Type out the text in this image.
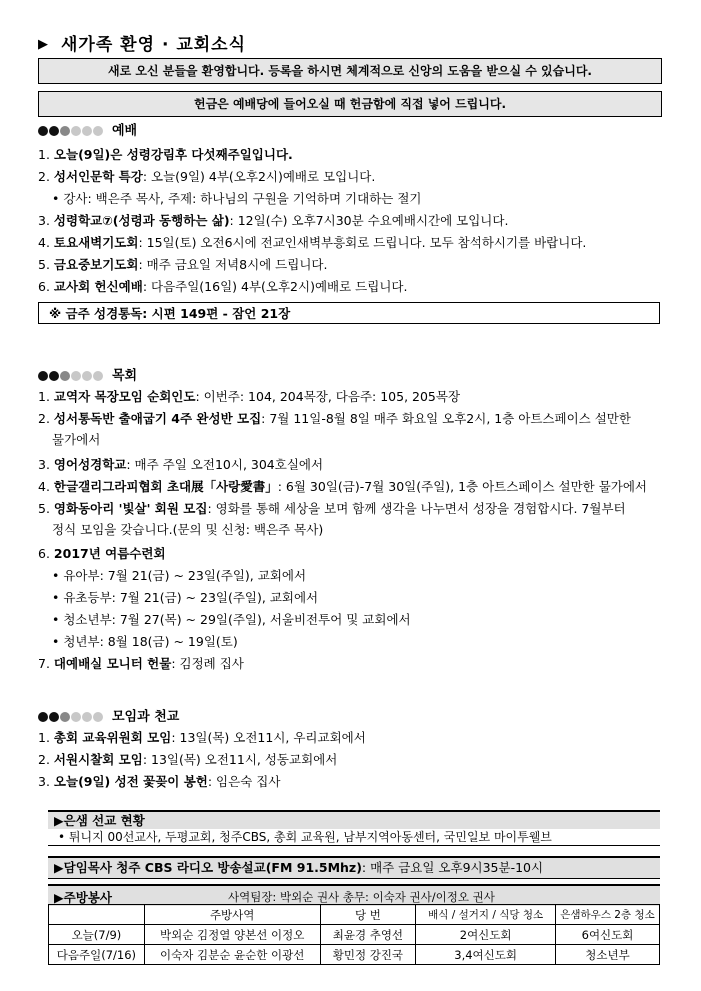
▶ 새가족 환영 · 교회소식
새로 오신 분들을 환영합니다. 등록을 하시면 체계적으로 신앙의 도움을 받으실 수 있습니다.
헌금은 예배당에 들어오실 때 헌금함에 직접 넣어 드립니다.
예배
1. 오늘(9일)은 성령강림후 다섯째주일입니다.
2. 성서인문학 특강: 오늘(9일) 4부(오후2시)예배로 모입니다.
• 강사: 백은주 목사, 주제: 하나님의 구원을 기억하며 기대하는 절기
3. 성령학교⑦(성령과 동행하는 삶): 12일(수) 오후7시30분 수요예배시간에 모입니다.
4. 토요새벽기도회: 15일(토) 오전6시에 전교인새벽부흥회로 드립니다. 모두 참석하시기를 바랍니다.
5. 금요중보기도회: 매주 금요일 저녁8시에 드립니다.
6. 교사회 헌신예배: 다음주일(16일) 4부(오후2시)예배로 드립니다.
※ 금주 성경통독: 시편 149편 - 잠언 21장
목회
1. 교역자 목장모임 순회인도: 이번주: 104, 204목장, 다음주: 105, 205목장
2. 성서통독반 출애굽기 4주 완성반 모집: 7월 11일-8월 8일 매주 화요일 오후2시, 1층 아트스페이스 설만한
물가에서
3. 영어성경학교: 매주 주일 오전10시, 304호실에서
4. 한글갤리그라피협회 초대展「사랑愛書」: 6월 30일(금)-7월 30일(주일), 1층 아트스페이스 설만한 물가에서
5. 영화동아리 '빛살' 회원 모집: 영화를 통해 세상을 보며 함께 생각을 나누면서 성장을 경험합시다. 7월부터
정식 모임을 갖습니다.(문의 및 신청: 백은주 목사)
6. 2017년 여름수련회
• 유아부: 7월 21(금) ~ 23일(주일), 교회에서
• 유초등부: 7월 21(금) ~ 23일(주일), 교회에서
• 청소년부: 7월 27(목) ~ 29일(주일), 서울비전투어 및 교회에서
• 청년부: 8월 18(금) ~ 19일(토)
7. 대예배실 모니터 헌물: 김정례 집사
모임과 천교
1. 총회 교육위원회 모임: 13일(목) 오전11시, 우리교회에서
2. 서원시찰회 모임: 13일(목) 오전11시, 성동교회에서
3. 오늘(9일) 성전 꽃꽂이 봉헌: 임은숙 집사
▶은샘 선교 현황
• 튀니지 00선교사, 두평교회, 청주CBS, 총회 교육원, 남부지역아동센터, 국민일보 마이투웰브
▶담임목사 청주 CBS 라디오 방송설교(FM 91.5Mhz): 매주 금요일 오후9시35분-10시
▶주방봉사	사역팀장: 박외순 권사 총무: 이숙자 권사/이정오 권사
	주방사역	당 번	배식 / 설거지 / 식당 청소	은샘하우스 2층 청소
오늘(7/9)	박외순 김정열 양본선 이정오	최윤경 추영선	2여신도회	6여신도회
다음주일(7/16)	이숙자 김분순 윤순한 이광선	황민정 강진국	3,4여신도회	청소년부
